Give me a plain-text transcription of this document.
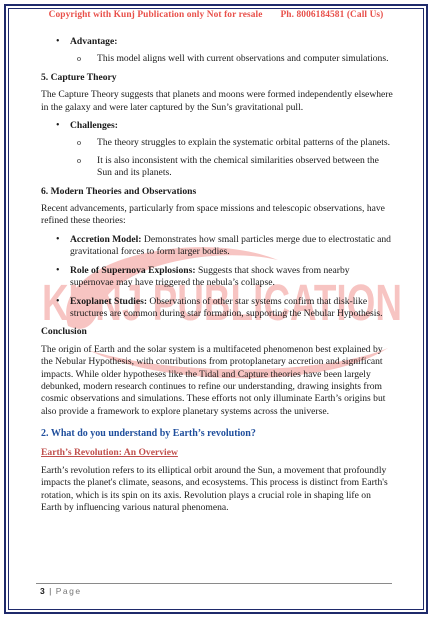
KUNJ PUBLICATION
Copyright with Kunj Publication only Not for resale Ph. 8006184581 (Call Us)
• Advantage:
o This model aligns well with current observations and computer simulations.

5. Capture Theory

The Capture Theory suggests that planets and moons were formed independently elsewhere in the galaxy and were later captured by the Sun’s gravitational pull.

• Challenges:
o The theory struggles to explain the systematic orbital patterns of the planets.
o It is also inconsistent with the chemical similarities observed between the Sun and its planets.

6. Modern Theories and Observations

Recent advancements, particularly from space missions and telescopic observations, have refined these theories:

• Accretion Model: Demonstrates how small particles merge due to electrostatic and gravitational forces to form larger bodies.
• Role of Supernova Explosions: Suggests that shock waves from nearby supernovae may have triggered the nebula’s collapse.
• Exoplanet Studies: Observations of other star systems confirm that disk-like structures are common during star formation, supporting the Nebular Hypothesis.

Conclusion

The origin of Earth and the solar system is a multifaceted phenomenon best explained by the Nebular Hypothesis, with contributions from protoplanetary accretion and significant impacts. While older hypotheses like the Tidal and Capture theories have been largely debunked, modern research continues to refine our understanding, drawing insights from cosmic observations and simulations. These efforts not only illuminate Earth’s origins but also provide a framework to explore planetary systems across the universe.

2. What do you understand by Earth’s revolution?

Earth’s Revolution: An Overview

Earth’s revolution refers to its elliptical orbit around the Sun, a movement that profoundly impacts the planet's climate, seasons, and ecosystems. This process is distinct from Earth's rotation, which is its spin on its axis. Revolution plays a crucial role in shaping life on Earth by influencing various natural phenomena.

3 | Page
